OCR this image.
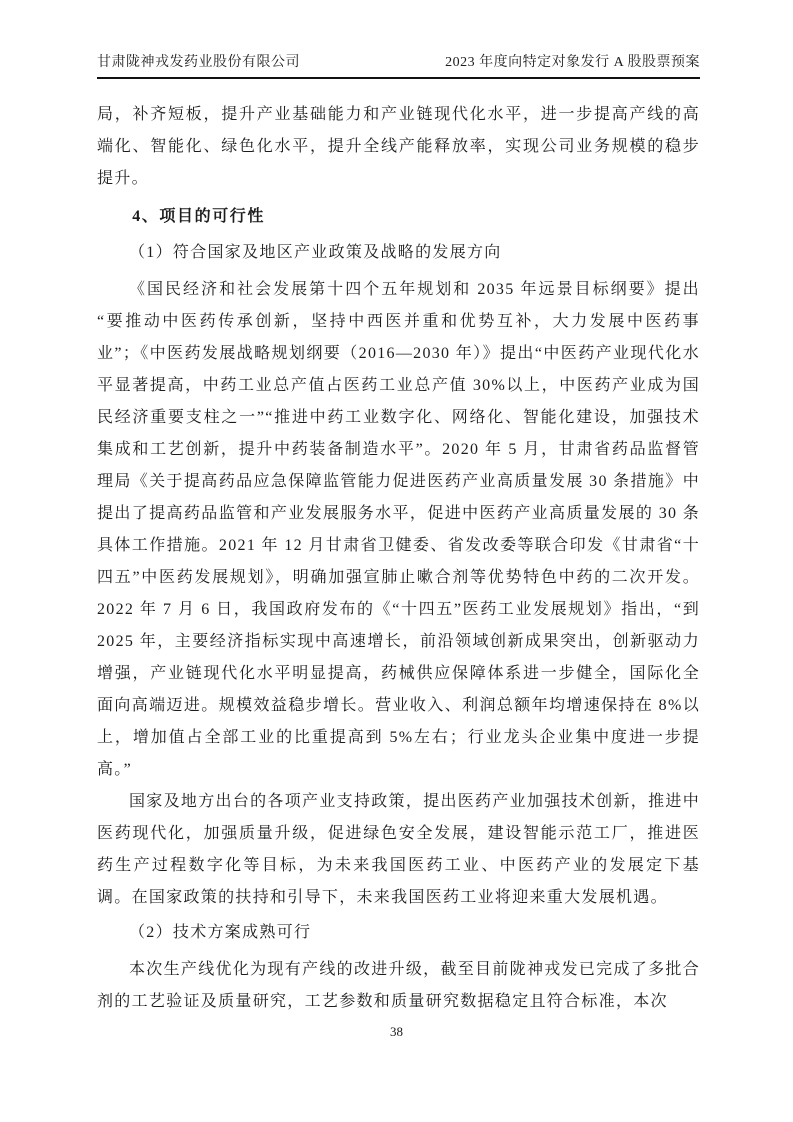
甘肃陇神戎发药业股份有限公司	2023 年度向特定对象发行 A 股股票预案

局，补齐短板，提升产业基础能力和产业链现代化水平，进一步提高产线的高端化、智能化、绿色化水平，提升全线产能释放率，实现公司业务规模的稳步提升。

4、项目的可行性

（1）符合国家及地区产业政策及战略的发展方向

《国民经济和社会发展第十四个五年规划和 2035 年远景目标纲要》提出“要推动中医药传承创新，坚持中西医并重和优势互补，大力发展中医药事业”；《中医药发展战略规划纲要（2016—2030 年）》提出“中医药产业现代化水平显著提高，中药工业总产值占医药工业总产值 30%以上，中医药产业成为国民经济重要支柱之一”“推进中药工业数字化、网络化、智能化建设，加强技术集成和工艺创新，提升中药装备制造水平”。2020 年 5 月，甘肃省药品监督管理局《关于提高药品应急保障监管能力促进医药产业高质量发展 30 条措施》中提出了提高药品监管和产业发展服务水平，促进中医药产业高质量发展的 30 条具体工作措施。2021 年 12 月甘肃省卫健委、省发改委等联合印发《甘肃省“十四五”中医药发展规划》，明确加强宣肺止嗽合剂等优势特色中药的二次开发。2022 年 7 月 6 日，我国政府发布的《“十四五”医药工业发展规划》指出，“到 2025 年，主要经济指标实现中高速增长，前沿领域创新成果突出，创新驱动力增强，产业链现代化水平明显提高，药械供应保障体系进一步健全，国际化全面向高端迈进。规模效益稳步增长。营业收入、利润总额年均增速保持在 8%以上，增加值占全部工业的比重提高到 5%左右；行业龙头企业集中度进一步提高。”

国家及地方出台的各项产业支持政策，提出医药产业加强技术创新，推进中医药现代化，加强质量升级，促进绿色安全发展，建设智能示范工厂，推进医药生产过程数字化等目标，为未来我国医药工业、中医药产业的发展定下基调。在国家政策的扶持和引导下，未来我国医药工业将迎来重大发展机遇。

（2）技术方案成熟可行

本次生产线优化为现有产线的改进升级，截至目前陇神戎发已完成了多批合剂的工艺验证及质量研究，工艺参数和质量研究数据稳定且符合标准，本次

38
